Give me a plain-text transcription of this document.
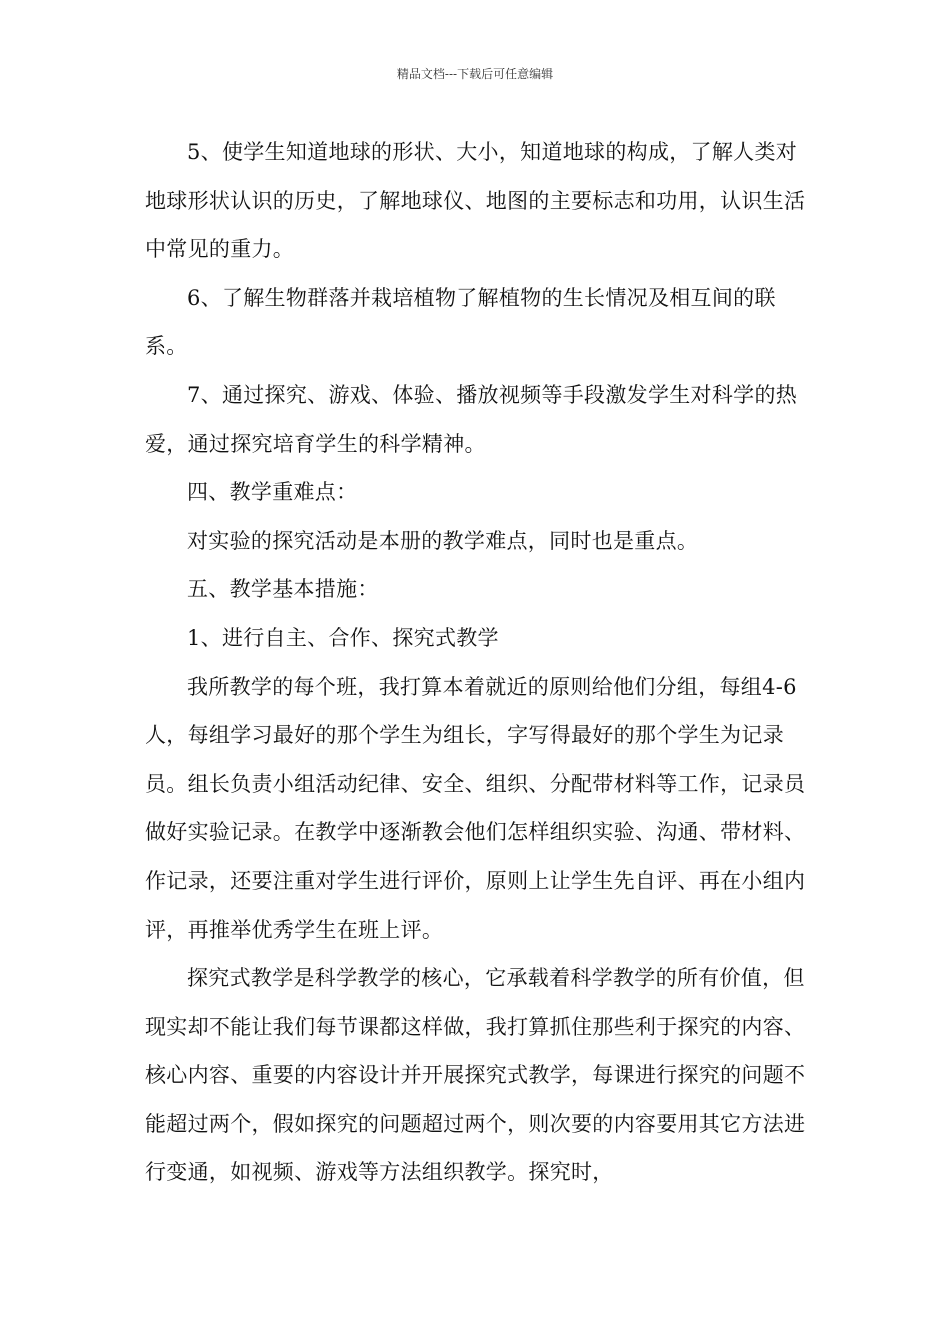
精品文档---下载后可任意编辑

5、使学生知道地球的形状、大小，知道地球的构成，了解人类对地球形状认识的历史，了解地球仪、地图的主要标志和功用，认识生活中常见的重力。

6、了解生物群落并栽培植物了解植物的生长情况及相互间的联系。

7、通过探究、游戏、体验、播放视频等手段激发学生对科学的热爱，通过探究培育学生的科学精神。

四、教学重难点：

对实验的探究活动是本册的教学难点，同时也是重点。

五、教学基本措施：

1、进行自主、合作、探究式教学

我所教学的每个班，我打算本着就近的原则给他们分组，每组4-6人，每组学习最好的那个学生为组长，字写得最好的那个学生为记录员。组长负责小组活动纪律、安全、组织、分配带材料等工作，记录员做好实验记录。在教学中逐渐教会他们怎样组织实验、沟通、带材料、作记录，还要注重对学生进行评价，原则上让学生先自评、再在小组内评，再推举优秀学生在班上评。

探究式教学是科学教学的核心，它承载着科学教学的所有价值，但现实却不能让我们每节课都这样做，我打算抓住那些利于探究的内容、核心内容、重要的内容设计并开展探究式教学，每课进行探究的问题不能超过两个，假如探究的问题超过两个，则次要的内容要用其它方法进行变通，如视频、游戏等方法组织教学。探究时，
